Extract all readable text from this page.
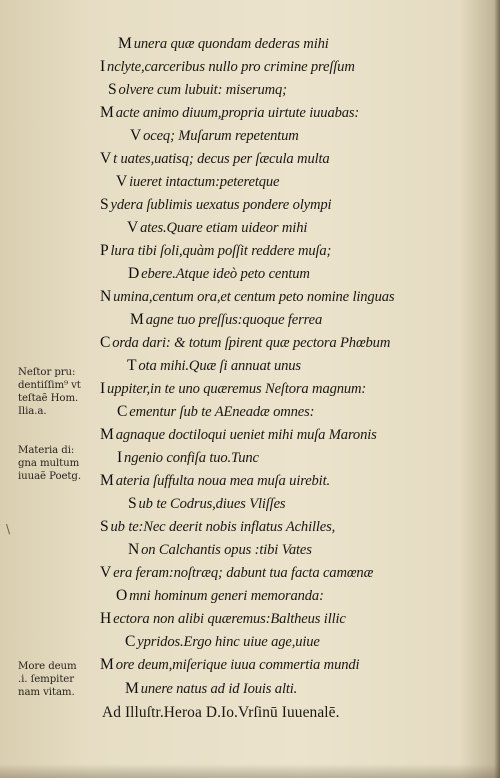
M unera quæ quondam dederas mihi
I nclyte,carceribus nullo pro crimine preſſum
S olvere cum lubuit: miserumq;
M acte animo diuum,propria uirtute iuuabas:
V oceq; Muſarum repetentum
V t uates,uatisq; decus per ſæcula multa
V iueret intactum:peteretque
S ydera ſublimis uexatus pondere olympi
V ates.Quare etiam uideor mihi
P lura tibi ſoli,quàm poſſit reddere muſa;
D ebere.Atque ideò peto centum
N umina,centum ora,et centum peto nomine linguas
M agne tuo preſſus:quoque ferrea
C orda dari: & totum ſpirent quæ pectora Phœbum
T ota mihi.Quæ ſi annuat unus
I uppiter,in te uno quæremus Neſtora magnum:
C ementur ſub te AEneadæ omnes:
M agnaque doctiloqui ueniet mihi muſa Maronis
I ngenio confiſa tuo.Tunc
M ateria ſuffulta noua mea muſa uirebit.
S ub te Codrus,diues Vliſſes
S ub te:Nec deerit nobis inflatus Achilles,
N on Calchantis opus :tibi Vates
V era feram:noſtræq; dabunt tua facta camœnæ
O mni hominum generi memoranda:
H ectora non alibi quæremus:Baltheus illic
C ypridos.Ergo hinc uiue age,uiue
M ore deum,miſerique iuua commertia mundi
M unere natus ad id Iouis alti.
Ad Illuſtr.Heroa D.Io.Vrſinū Iuuenalē.
Neſtor pru:
dentiſſim⁹ vt
teſtaẽ Hom.
Ilia.a.
Materia di:
gna multum
iuuaẽ Poetg.
More deum
.i. ſempiter
nam vitam.
\
